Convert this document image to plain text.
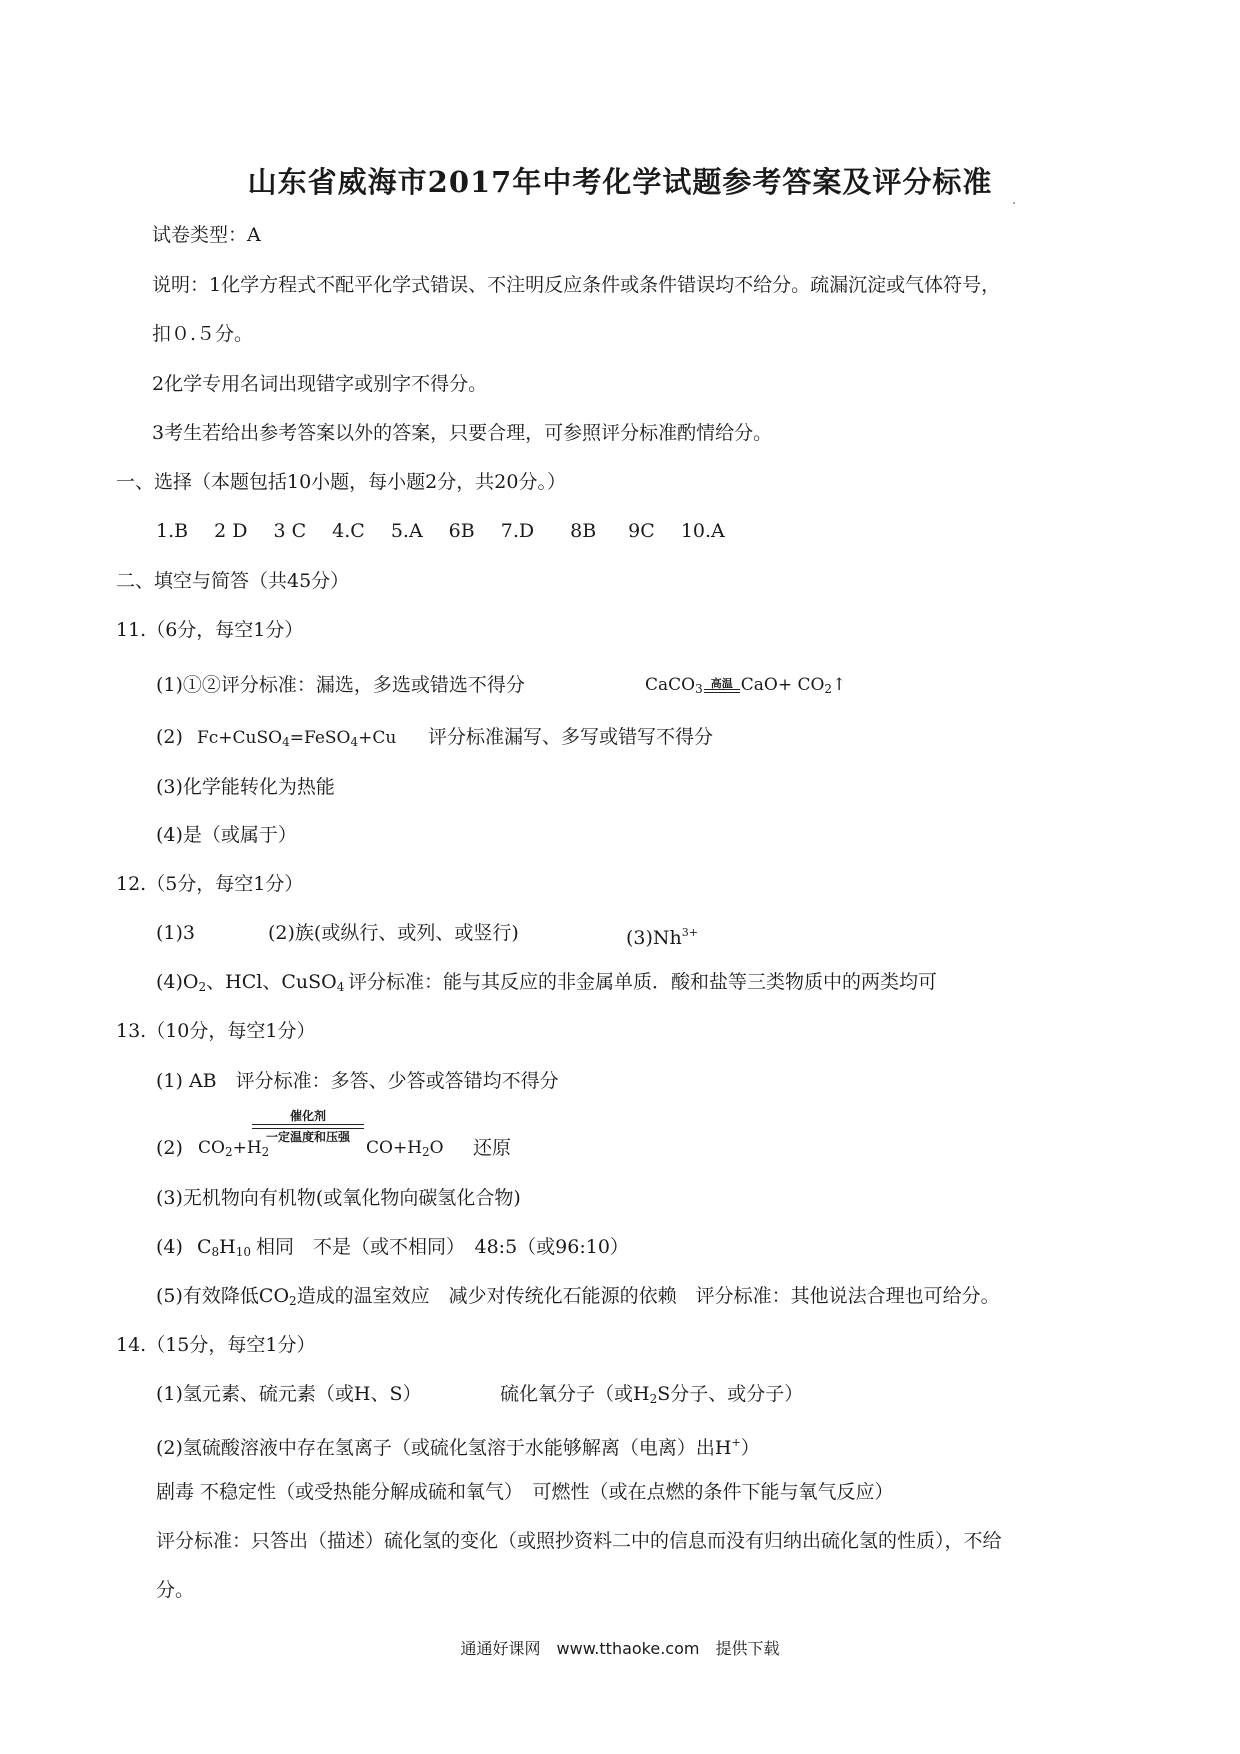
山东省威海市2017年中考化学试题参考答案及评分标准
试卷类型：A
说明：1化学方程式不配平化学式错误、不注明反应条件或条件错误均不给分。疏漏沉淀或气体符号，
扣０.５分。
2化学专用名词出现错字或别字不得分。
3考生若给出参考答案以外的答案，只要合理，可参照评分标准酌情给分。
一、选择（本题包括10小题，每小题2分，共20分。）
1.B 2 D 3 C 4.C 5.A 6B 7.D 8B 9C 10.A
二、填空与简答（共45分）
11.（6分，每空1分）
(1)①②评分标准：漏选，多选或错选不得分	CaCO$_3$ 高温 $CaO+ CO_2↑$
(2) Fc+CuSO$_4$=FeSO$_4$+Cu 评分标准漏写、多写或错写不得分
(3)化学能转化为热能
(4)是（或属于）
12.（5分，每空1分）
(1)3	(2)族(或纵行、或列、或竖行)	$(3)Nh^{3+}$
$(4)O_2$、HCl、CuSO$_4$ 评分标准：能与其反应的非金属单质．酸和盐等三类物质中的两类均可
13.（10分，每空1分）
(1) AB　评分标准：多答、少答或答错均不得分
(2) $CO_2+H_2$
催化剂
一定温度和压强
$CO+H_2O$ 还原
(3)无机物向有机物(或氧化物向碳氢化合物)
(4) $C_8H_{10}$ 相同　不是（或不相同）　48:5（或96:10）
(5)有效降低$CO_2$造成的温室效应　减少对传统化石能源的依赖　评分标准：其他说法合理也可给分。
14.（15分，每空1分）
(1)氢元素、硫元素（或H、S）	硫化氧分子（或$H_2S$分子、或分子）
(2)氢硫酸溶液中存在氢离子（或硫化氢溶于水能够解离（电离）出H+）
剧毒 不稳定性（或受热能分解成硫和氧气）　可燃性（或在点燃的条件下能与氧气反应）
评分标准：只答出（描述）硫化氢的变化（或照抄资料二中的信息而没有归纳出硫化氢的性质），不给
分。
通通好课网　www.tthaoke.com　提供下载
